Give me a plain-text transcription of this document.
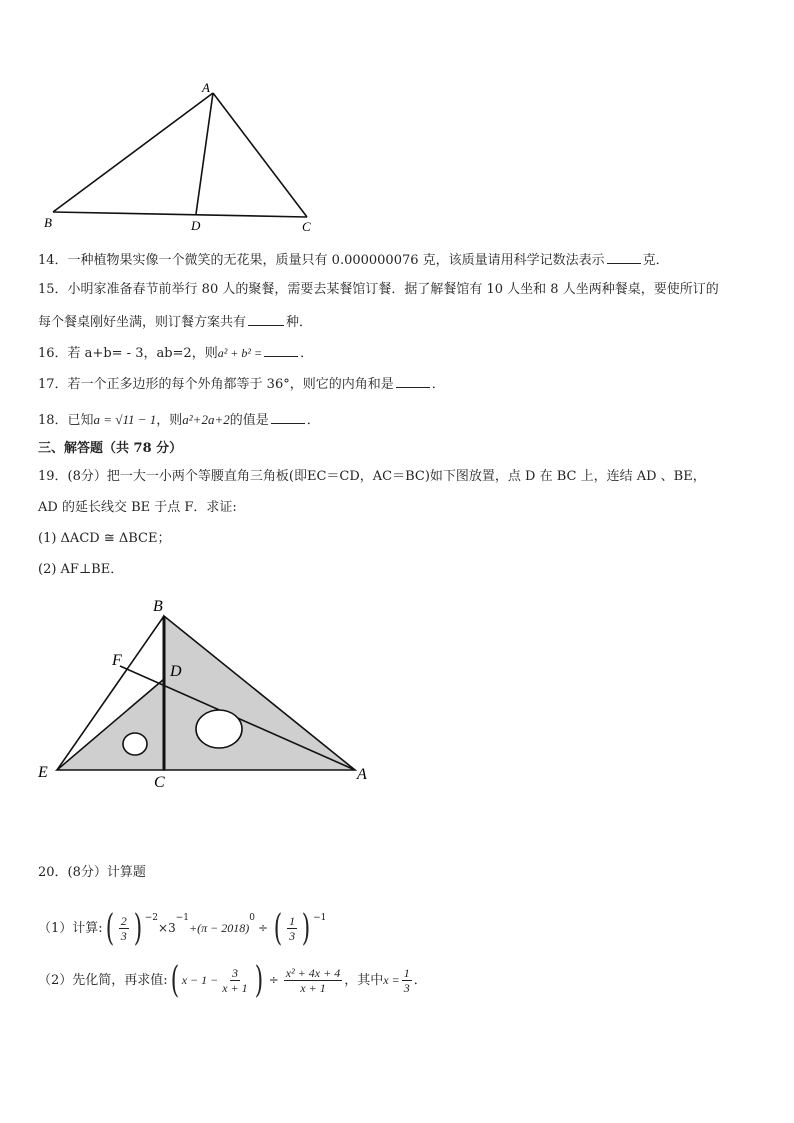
A
B	D	C
14．一种植物果实像一个微笑的无花果，质量只有 0.000000076 克，该质量请用科学记数法表示	克．
15．小明家准备春节前举行 80 人的聚餐，需要去某餐馆订餐．据了解餐馆有 10 人坐和 8 人坐两种餐桌，要使所订的
每个餐桌刚好坐满，则订餐方案共有	种．
16．若 a+b= - 3，ab=2，则a² + b² =	．
17．若一个正多边形的每个外角都等于 36°，则它的内角和是	．
18．已知a = √11 − 1，则a²+2a+2的值是	．
三、解答题（共 78 分）
19．(8分）把一大一小两个等腰直角三角板(即EC＝CD，AC＝BC)如下图放置，点 D 在 BC 上，连结 AD 、BE，
AD 的延长线交 BE 于点 F．求证:
(1) ΔACD ≅ ΔBCE；
(2) AF⊥BE．
B
F
D
E
C	A
20．(8分）计算题
（1）计算:( $\frac{2}{3}$ ) $^{-2}\times 3^{-1}+(\pi - 2018)^0\div$ ( $\frac{1}{3}$ ) $^{-1}$
（2）先化简，再求值:( $x - 1 - \frac{3}{x + 1}$ ) ÷ $\frac{\text{x² + 4x + 4}}{x + 1}$ ，其中$x = \frac{1}{3}$ ．
